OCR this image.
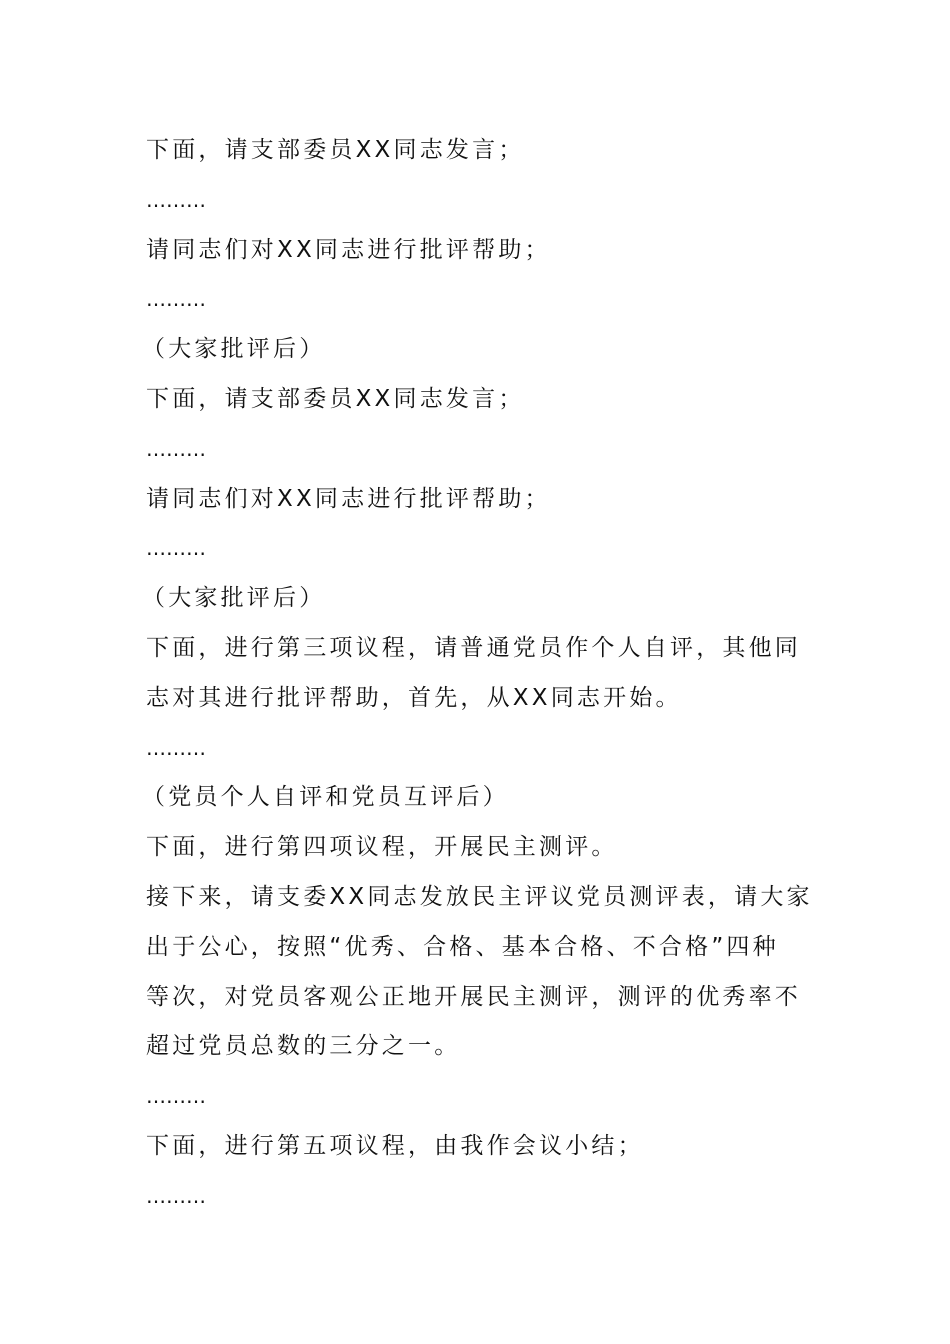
下面，请支部委员XX同志发言；
………
请同志们对XX同志进行批评帮助；
………
（大家批评后）
下面，请支部委员XX同志发言；
………
请同志们对XX同志进行批评帮助；
………
（大家批评后）
下面，进行第三项议程，请普通党员作个人自评，其他同
志对其进行批评帮助，首先，从XX同志开始。
………
（党员个人自评和党员互评后）
下面，进行第四项议程，开展民主测评。
接下来，请支委XX同志发放民主评议党员测评表，请大家
出于公心，按照“优秀、合格、基本合格、不合格”四种
等次，对党员客观公正地开展民主测评，测评的优秀率不
超过党员总数的三分之一。
………
下面，进行第五项议程，由我作会议小结；
………
